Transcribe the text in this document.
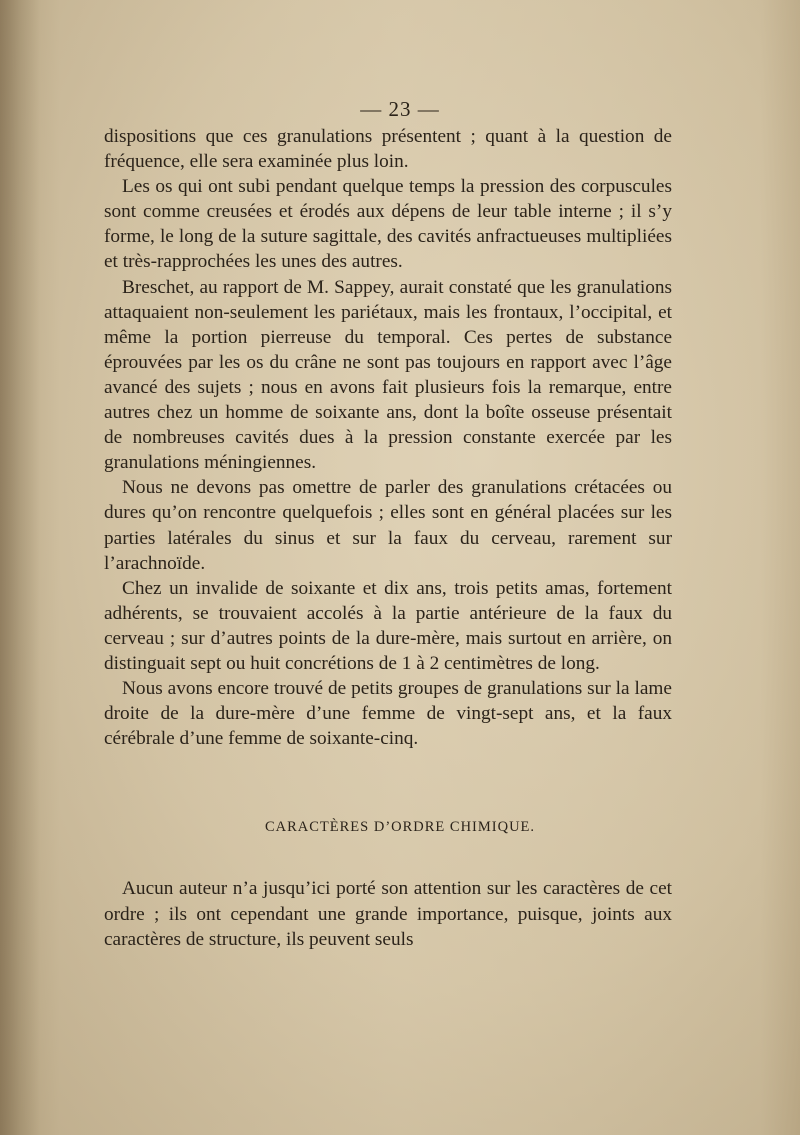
— 23 —

dispositions que ces granulations présentent ; quant à la question de fréquence, elle sera examinée plus loin.

Les os qui ont subi pendant quelque temps la pression des corpuscules sont comme creusées et érodés aux dépens de leur table interne ; il s’y forme, le long de la suture sagittale, des cavités anfractueuses multipliées et très-rapprochées les unes des autres.

Breschet, au rapport de M. Sappey, aurait constaté que les granulations attaquaient non-seulement les pariétaux, mais les frontaux, l’occipital, et même la portion pierreuse du temporal. Ces pertes de substance éprouvées par les os du crâne ne sont pas toujours en rapport avec l’âge avancé des sujets ; nous en avons fait plusieurs fois la remarque, entre autres chez un homme de soixante ans, dont la boîte osseuse présentait de nombreuses cavités dues à la pression constante exercée par les granulations méningiennes.

Nous ne devons pas omettre de parler des granulations crétacées ou dures qu’on rencontre quelquefois ; elles sont en général placées sur les parties latérales du sinus et sur la faux du cerveau, rarement sur l’arachnoïde.

Chez un invalide de soixante et dix ans, trois petits amas, fortement adhérents, se trouvaient accolés à la partie antérieure de la faux du cerveau ; sur d’autres points de la dure-mère, mais surtout en arrière, on distinguait sept ou huit concrétions de 1 à 2 centimètres de long.

Nous avons encore trouvé de petits groupes de granulations sur la lame droite de la dure-mère d’une femme de vingt-sept ans, et la faux cérébrale d’une femme de soixante-cinq.

CARACTÈRES D’ORDRE CHIMIQUE.

Aucun auteur n’a jusqu’ici porté son attention sur les caractères de cet ordre ; ils ont cependant une grande importance, puisque, joints aux caractères de structure, ils peuvent seuls
